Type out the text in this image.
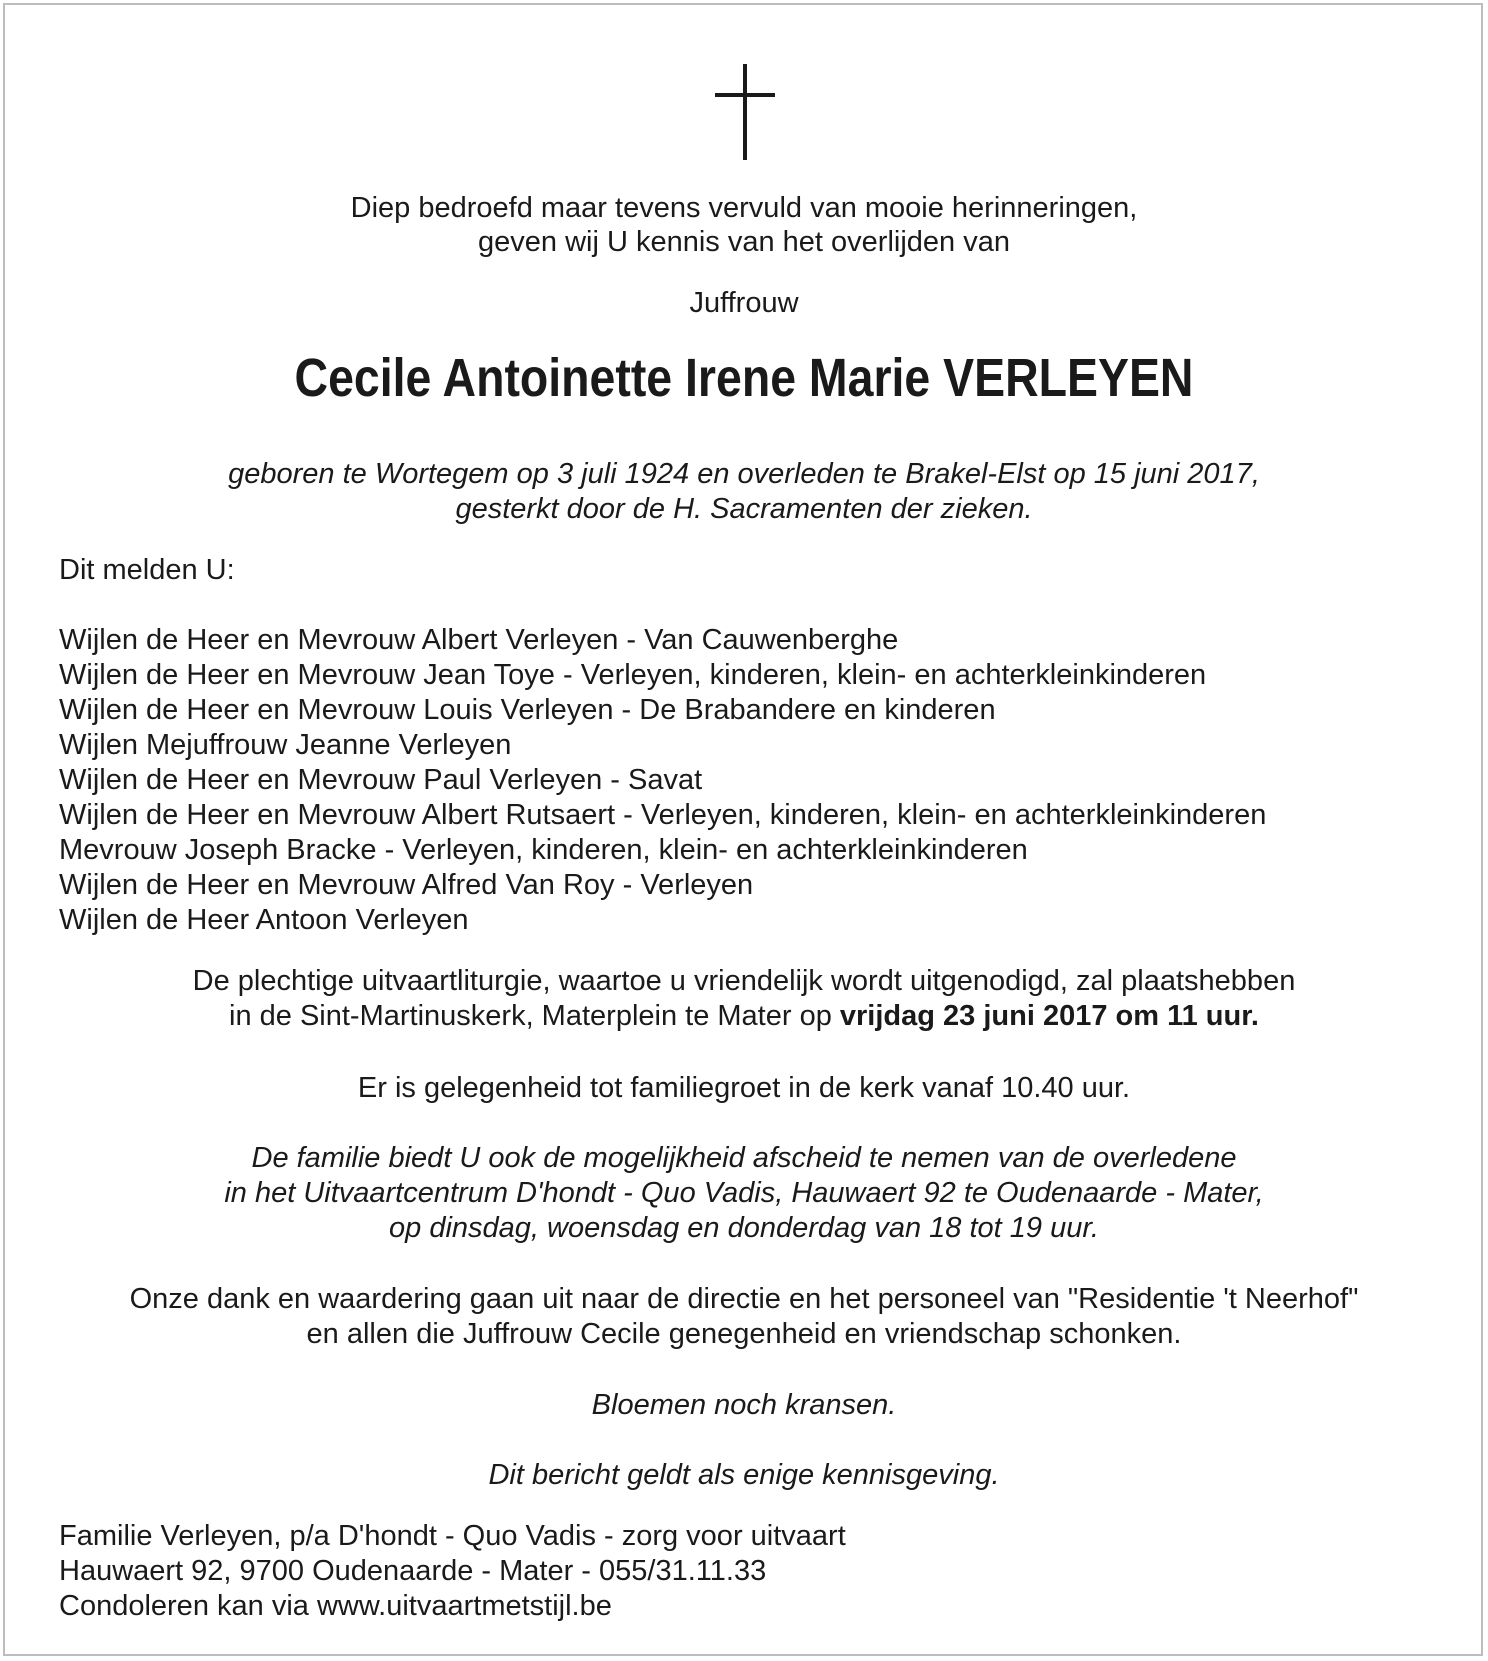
Diep bedroefd maar tevens vervuld van mooie herinneringen,
geven wij U kennis van het overlijden van
Juffrouw
Cecile Antoinette Irene Marie VERLEYEN
geboren te Wortegem op 3 juli 1924 en overleden te Brakel-Elst op 15 juni 2017,
gesterkt door de H. Sacramenten der zieken.
Dit melden U:
Wijlen de Heer en Mevrouw Albert Verleyen - Van Cauwenberghe
Wijlen de Heer en Mevrouw Jean Toye - Verleyen, kinderen, klein- en achterkleinkinderen
Wijlen de Heer en Mevrouw Louis Verleyen - De Brabandere en kinderen
Wijlen Mejuffrouw Jeanne Verleyen
Wijlen de Heer en Mevrouw Paul Verleyen - Savat
Wijlen de Heer en Mevrouw Albert Rutsaert - Verleyen, kinderen, klein- en achterkleinkinderen
Mevrouw Joseph Bracke - Verleyen, kinderen, klein- en achterkleinkinderen
Wijlen de Heer en Mevrouw Alfred Van Roy - Verleyen
Wijlen de Heer Antoon Verleyen
De plechtige uitvaartliturgie, waartoe u vriendelijk wordt uitgenodigd, zal plaatshebben
in de Sint-Martinuskerk, Materplein te Mater op vrijdag 23 juni 2017 om 11 uur.
Er is gelegenheid tot familiegroet in de kerk vanaf 10.40 uur.
De familie biedt U ook de mogelijkheid afscheid te nemen van de overledene
in het Uitvaartcentrum D'hondt - Quo Vadis, Hauwaert 92 te Oudenaarde - Mater,
op dinsdag, woensdag en donderdag van 18 tot 19 uur.
Onze dank en waardering gaan uit naar de directie en het personeel van "Residentie 't Neerhof"
en allen die Juffrouw Cecile genegenheid en vriendschap schonken.
Bloemen noch kransen.
Dit bericht geldt als enige kennisgeving.
Familie Verleyen, p/a D'hondt - Quo Vadis - zorg voor uitvaart
Hauwaert 92, 9700 Oudenaarde - Mater - 055/31.11.33
Condoleren kan via www.uitvaartmetstijl.be
